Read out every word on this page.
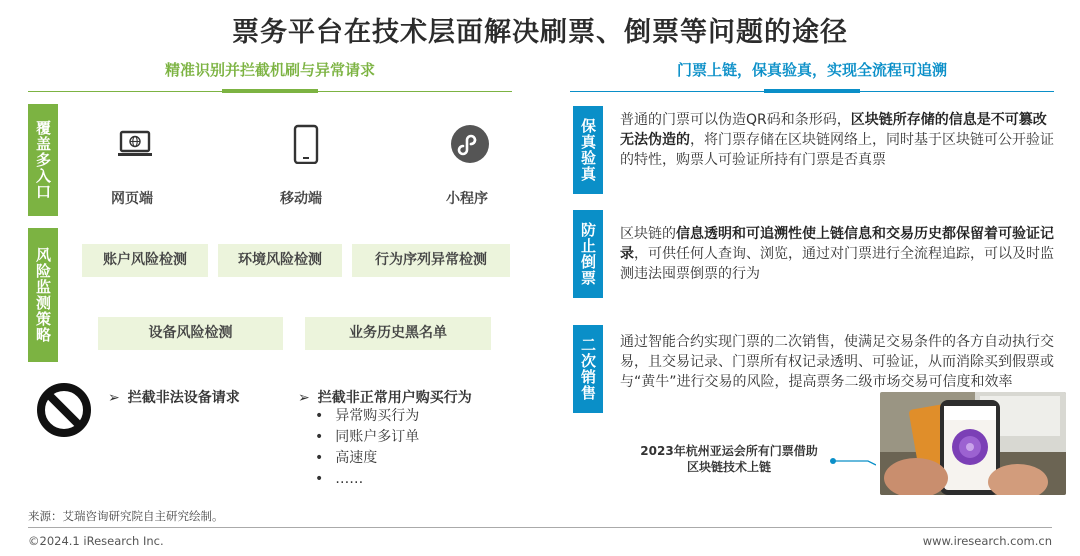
票务平台在技术层面解决刷票、倒票等问题的途径
精准识别并拦截机刷与异常请求	门票上链，保真验真，实现全流程可追溯
覆盖多入口	网页端	移动端	小程序
风险监测策略	账户风险检测	环境风险检测	行为序列异常检测
设备风险检测	业务历史黑名单
➢ 拦截非法设备请求	➢ 拦截非正常用户购买行为
• 异常购买行为
• 同账户多订单
• 高速度
• ……
保真验真	普通的门票可以伪造QR码和条形码，区块链所存储的信息是不可篡改无法伪造的，将门票存储在区块链网络上，同时基于区块链可公开验证的特性，购票人可验证所持有门票是否真票
防止倒票	区块链的信息透明和可追溯性使上链信息和交易历史都保留着可验证记录，可供任何人查询、浏览，通过对门票进行全流程追踪，可以及时监测违法囤票倒票的行为
二次销售	通过智能合约实现门票的二次销售，使满足交易条件的各方自动执行交易，且交易记录、门票所有权记录透明、可验证，从而消除买到假票或与“黄牛”进行交易的风险，提高票务二级市场交易可信度和效率
2023年杭州亚运会所有门票借助
区块链技术上链
来源：艾瑞咨询研究院自主研究绘制。
©2024.1 iResearch Inc.	www.iresearch.com.cn
